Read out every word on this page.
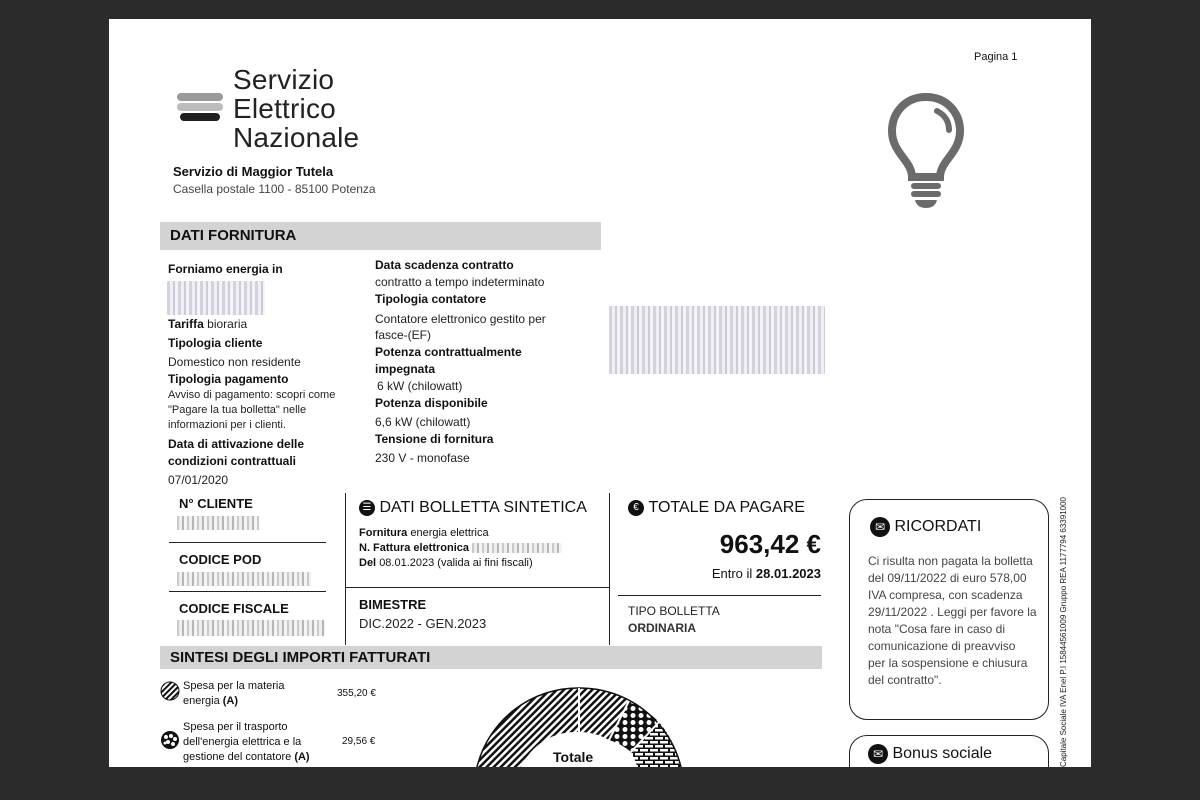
Pagina 1
Servizio
Elettrico
Nazionale
Servizio di Maggior Tutela
Casella postale 1100 - 85100 Potenza
DATI FORNITURA
Forniamo energia in
Tariffa bioraria
Tipologia cliente
Domestico non residente
Tipologia pagamento
Avviso di pagamento: scopri come
"Pagare la tua bolletta" nelle
informazioni per i clienti.
Data di attivazione delle
condizioni contrattuali
07/01/2020
Data scadenza contratto
contratto a tempo indeterminato
Tipologia contatore
Contatore elettronico gestito per
fasce-(EF)
Potenza contrattualmente
impegnata
6 kW (chilowatt)
Potenza disponibile
6,6 kW (chilowatt)
Tensione di fornitura
230 V - monofase
N° CLIENTE
CODICE POD
CODICE FISCALE
☰ DATI BOLLETTA SINTETICA
Fornitura energia elettrica
N. Fattura elettronica
Del 08.01.2023 (valida ai fini fiscali)
BIMESTRE
DIC.2022 - GEN.2023
€ TOTALE DA PAGARE
963,42 €
Entro il 28.01.2023
TIPO BOLLETTA
ORDINARIA
✉ RICORDATI
Ci risulta non pagata la bolletta
del 09/11/2022 di euro 578,00
IVA compresa, con scadenza
29/11/2022 . Leggi per favore la
nota "Cosa fare in caso di
comunicazione di preavviso
per la sospensione e chiusura
del contratto".
✉ Bonus sociale	Capitale Sociale IVA Enel P.I 15844561009 Gruppo REA 1177794 63391000
SINTESI DEGLI IMPORTI FATTURATI
Spesa per la materia
energia (A)
355,20 €
Spesa per il trasporto
dell'energia elettrica e la
gestione del contatore (A)
29,56 €
Totale
